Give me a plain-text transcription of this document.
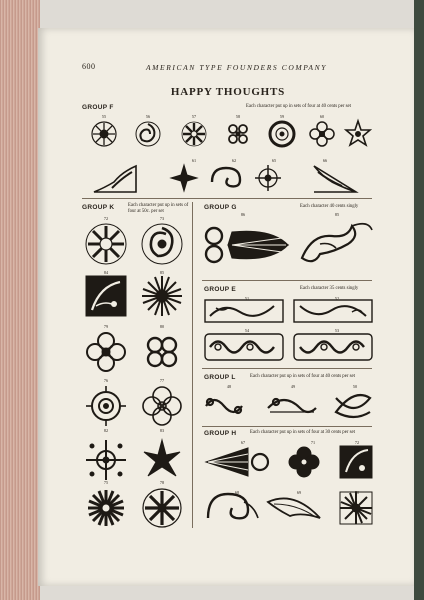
600	AMERICAN TYPE FOUNDERS COMPANY
HAPPY THOUGHTS
GROUP F	Each character put up in sets of four at 40 cents per set
GROUP K	Each character put up in sets of four at 50c. per set
GROUP G	Each character 40 cents singly
GROUP E	Each character 35 cents singly
GROUP L	Each character put up in sets of four at 40 cents per set
GROUP H	Each character put up in sets of four at 30 cents per set
55	56	57	58	59	60
61	62	65	66
72	73
84	85
79	80
76	77
82	83
75	78
86	85
51	52
54	53
48	49	50
67	71	72
68	69	70
